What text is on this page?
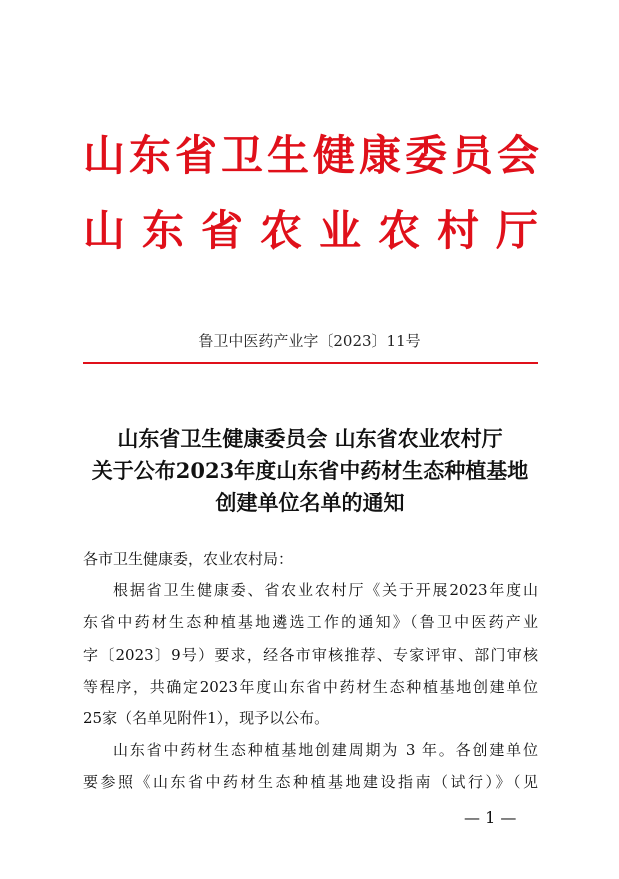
山东省卫生健康委员会
山东省农业农村厅
鲁卫中医药产业字〔2023〕11号
山东省卫生健康委员会 山东省农业农村厅
关于公布2023年度山东省中药材生态种植基地
创建单位名单的通知
各市卫生健康委，农业农村局：
根据省卫生健康委、省农业农村厅《关于开展2023年度山
东省中药材生态种植基地遴选工作的通知》（鲁卫中医药产业
字〔2023〕9号）要求，经各市审核推荐、专家评审、部门审核
等程序，共确定2023年度山东省中药材生态种植基地创建单位
25家（名单见附件1），现予以公布。
山东省中药材生态种植基地创建周期为 3 年。各创建单位
要参照《山东省中药材生态种植基地建设指南（试行）》（见
— 1 —
